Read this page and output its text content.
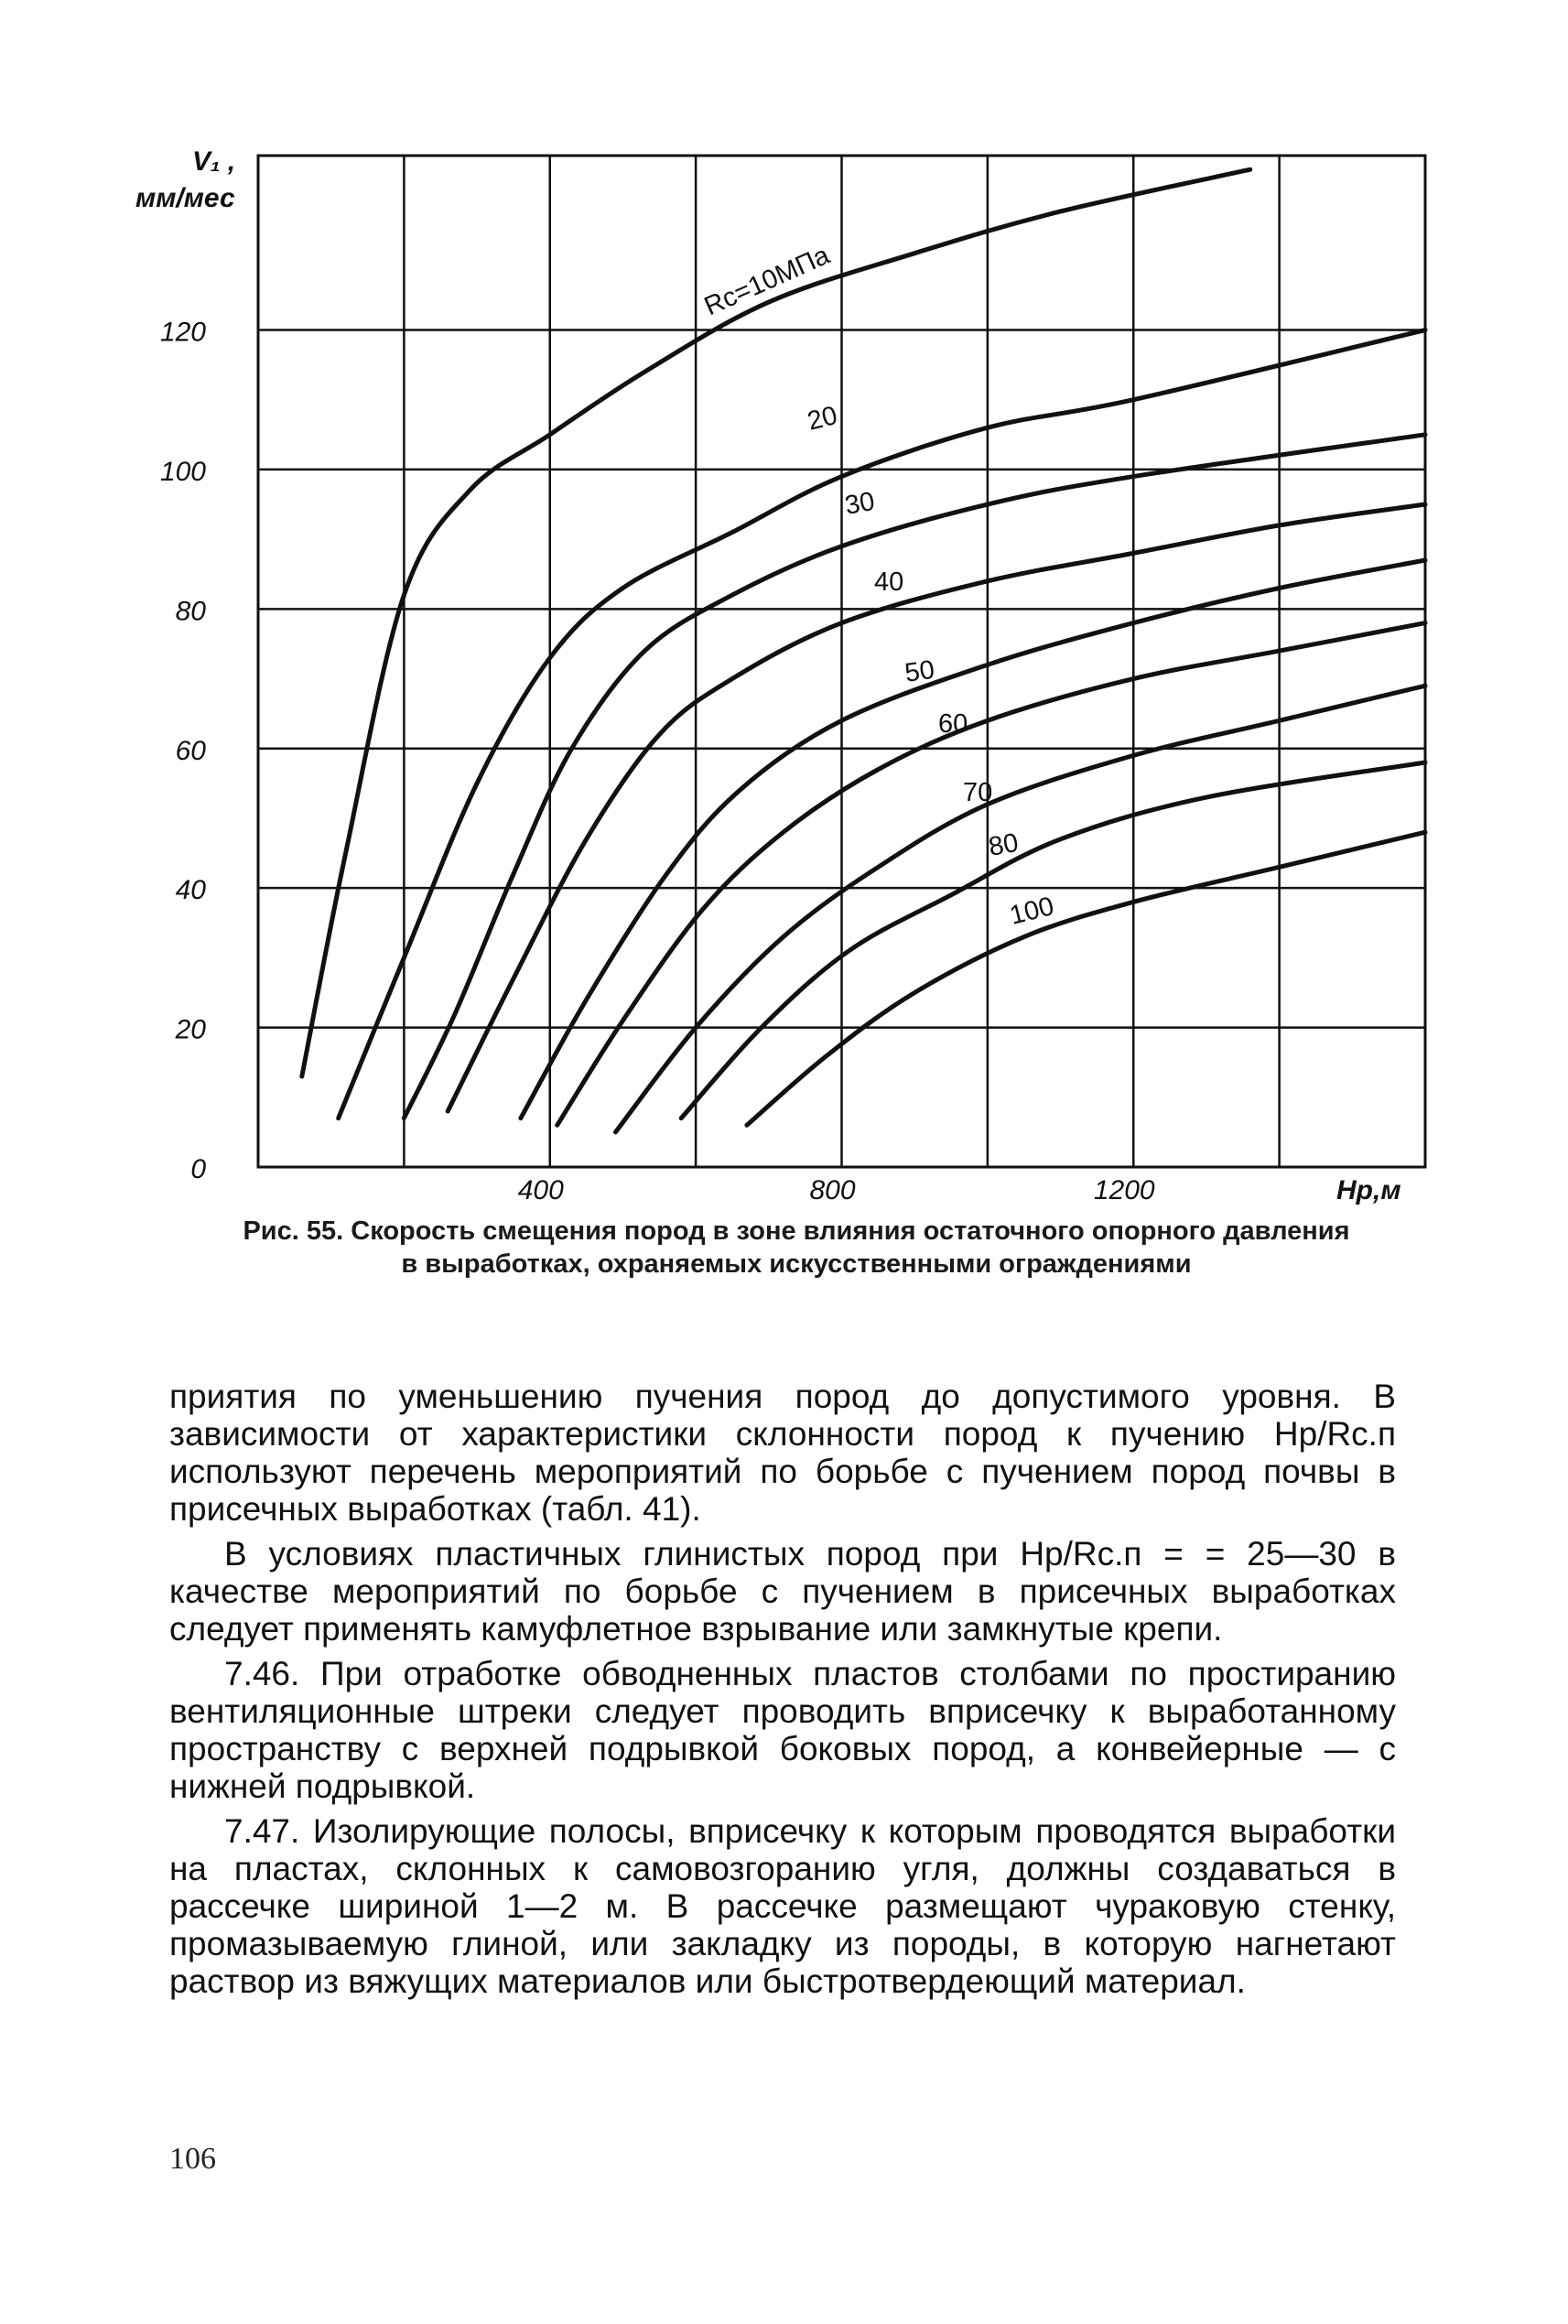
0
20
40
60
80
100
120
400	800	1200
V₁ ,
мм/мес
Hр,м
Rc=10МПа
20
30
40
50
60
70
80
100
Рис. 55. Скорость смещения пород в зоне влияния остаточного опорного давления
в выработках, охраняемых искусственными ограждениями

приятия по уменьшению пучения пород до допустимого уровня. В зависимости от характеристики склонности пород к пучению Hр/Rс.п используют перечень мероприятий по борьбе с пучением пород почвы в присечных выработках (табл. 41).

В условиях пластичных глинистых пород при Hр/Rс.п = = 25—30 в качестве мероприятий по борьбе с пучением в присечных выработках следует применять камуфлетное взрывание или замкнутые крепи.

7.46. При отработке обводненных пластов столбами по простиранию вентиляционные штреки следует проводить вприсечку к выработанному пространству с верхней подрывкой боковых пород, а конвейерные — с нижней подрывкой.

7.47. Изолирующие полосы, вприсечку к которым проводятся выработки на пластах, склонных к самовозгоранию угля, должны создаваться в рассечке шириной 1—2 м. В рассечке размещают чураковую стенку, промазываемую глиной, или закладку из породы, в которую нагнетают раствор из вяжущих материалов или быстротвердеющий материал.

106
